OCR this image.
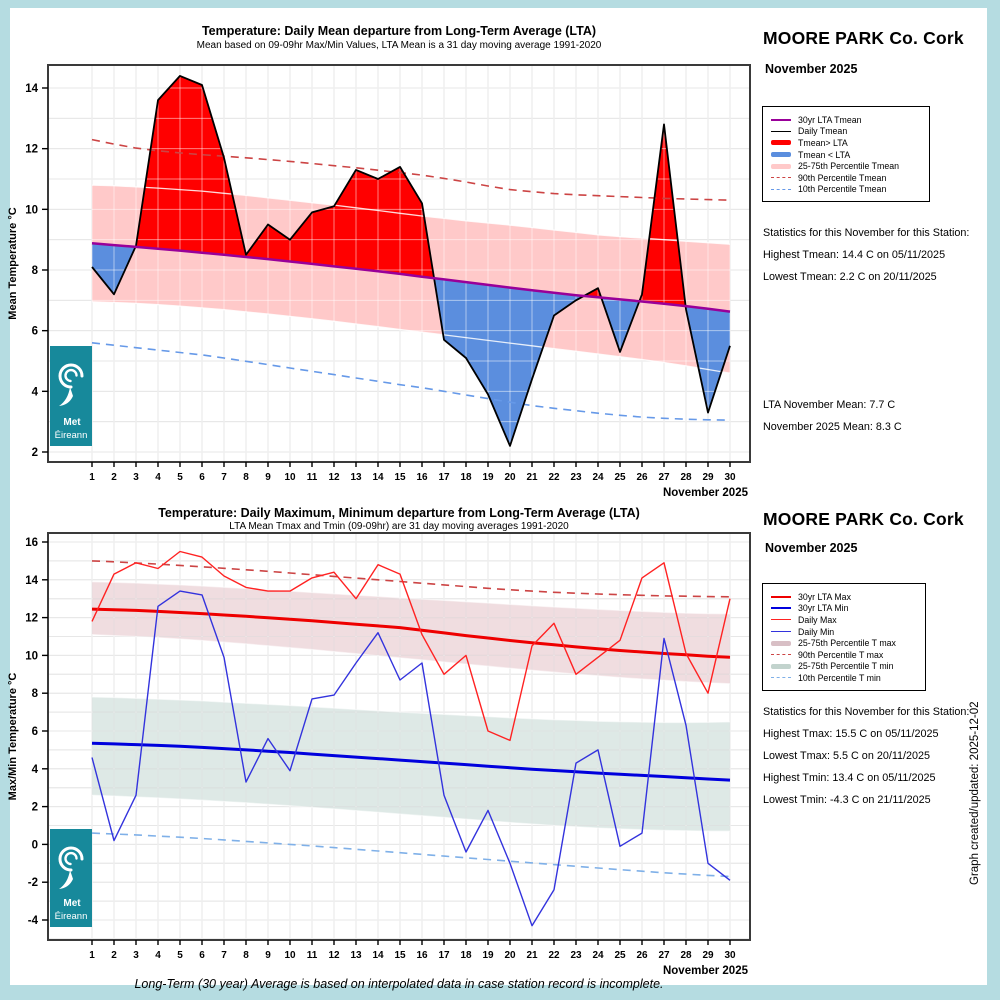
Temperature: Daily Mean departure from Long-Term Average (LTA)
Mean based on 09-09hr Max/Min Values, LTA Mean is a 31 day moving average 1991-2020
Met
Éireann
2
4
6
8
10
12
14
1 2 3 4 5 6 7 8 9 10 11 12 13 14 15 16 17 18 19 20 21 22 23 24 25 26 27 28 29 30
November 2025
Mean Temperature °C
MOORE PARK Co. Cork
November 2025
30yr LTA Tmean
Daily Tmean
Tmean> LTA
Tmean < LTA
25-75th Percentile Tmean
90th Percentile Tmean
10th Percentile Tmean
Statistics for this November for this Station:
Highest Tmean: 14.4 C on 05/11/2025
Lowest Tmean: 2.2 C on 20/11/2025
LTA November Mean: 7.7 C
November 2025 Mean: 8.3 C
Temperature: Daily Maximum, Minimum departure from Long-Term Average (LTA)
LTA Mean Tmax and Tmin (09-09hr) are 31 day moving averages 1991-2020
Met
Éireann
-4
-2
0
2
4
6
8
10
12
14
16
1 2 3 4 5 6 7 8 9 10 11 12 13 14 15 16 17 18 19 20 21 22 23 24 25 26 27 28 29 30
November 2025
Max/Min Temperature °C
MOORE PARK Co. Cork
November 2025
30yr LTA Max
30yr LTA Min
Daily Max
Daily Min
25-75th Percentile T max
90th Percentile T max
25-75th Percentile T min
10th Percentile T min
Statistics for this November for this Station:
Highest Tmax: 15.5 C on 05/11/2025
Lowest Tmax: 5.5 C on 20/11/2025
Highest Tmin: 13.4 C on 05/11/2025
Lowest Tmin: -4.3 C on 21/11/2025	Graph created/updated: 2025-12-02
Long-Term (30 year) Average is based on interpolated data in case station record is incomplete.
